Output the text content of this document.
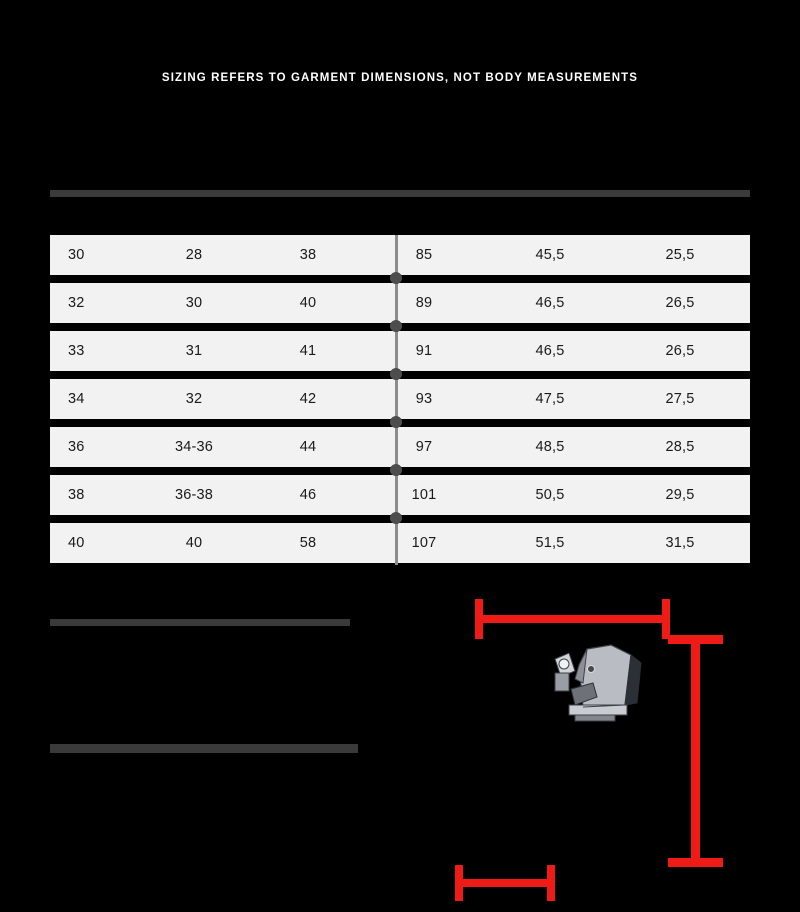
SIZING REFERS TO GARMENT DIMENSIONS, NOT BODY MEASUREMENTS
30	28	38	85	45,5	25,5
32	30	40	89	46,5	26,5
33	31	41	91	46,5	26,5
34	32	42	93	47,5	27,5
36	34-36	44	97	48,5	28,5
38	36-38	46	101	50,5	29,5
40	40	58	107	51,5	31,5
